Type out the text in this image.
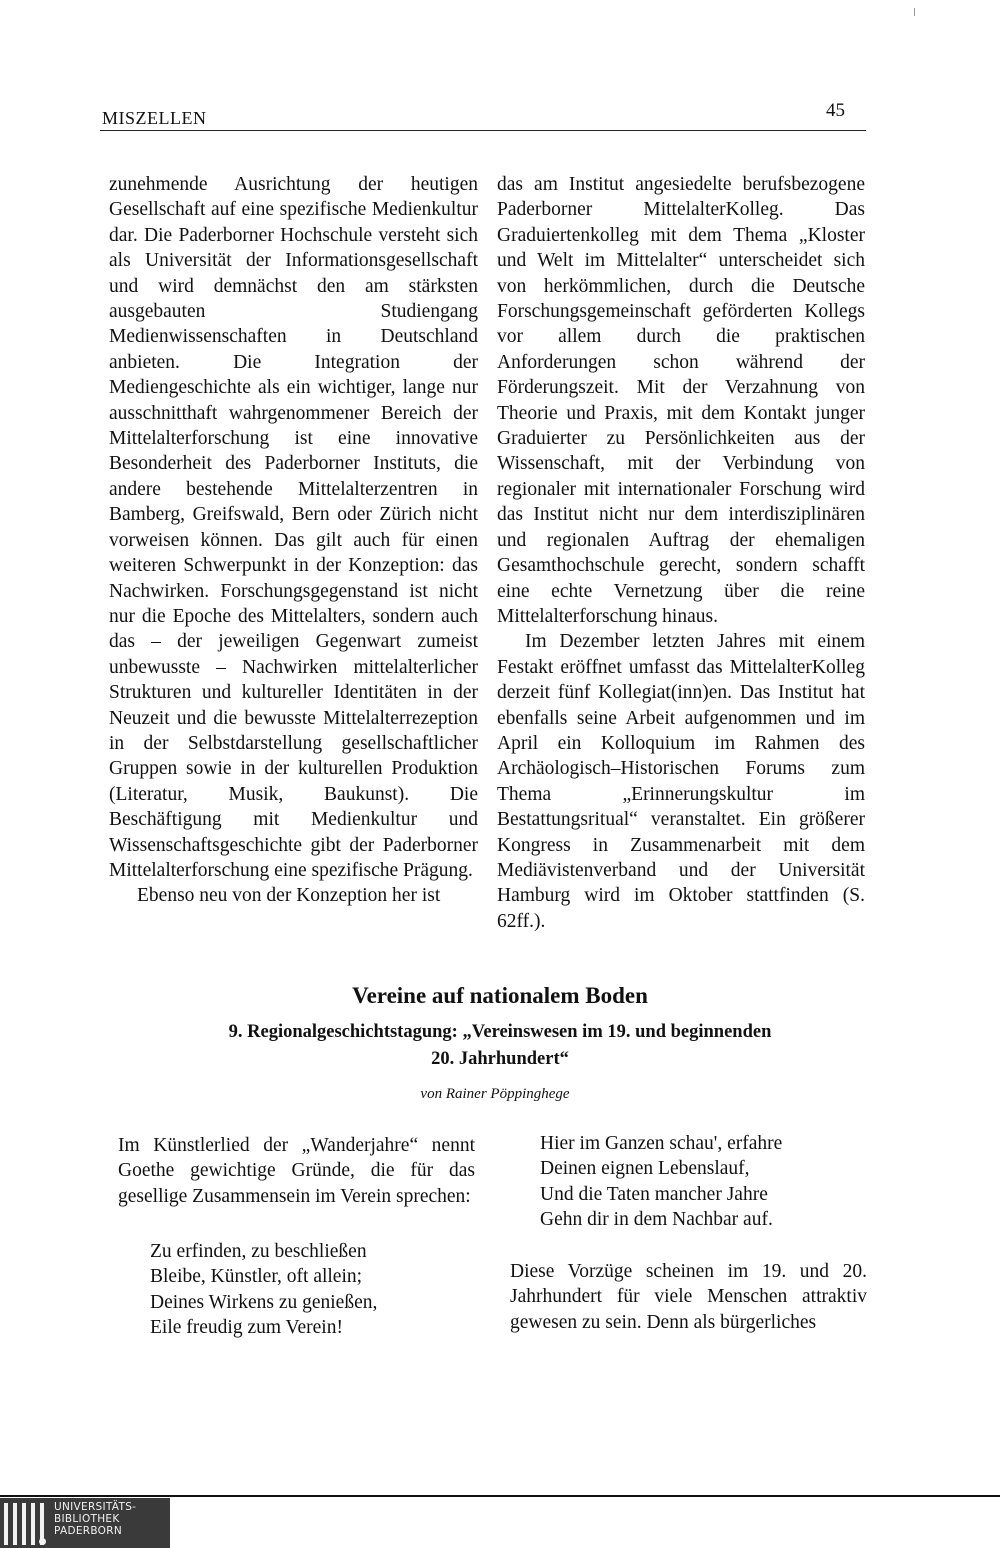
MISZELLEN	45

zunehmende Ausrichtung der heutigen Gesellschaft auf eine spezifische Medienkultur dar. Die Paderborner Hochschule versteht sich als Universität der Informationsgesellschaft und wird demnächst den am stärksten ausgebauten Studiengang Medienwissenschaften in Deutschland anbieten. Die Integration der Mediengeschichte als ein wichtiger, lange nur ausschnitthaft wahrgenommener Bereich der Mittelalterforschung ist eine innovative Besonderheit des Paderborner Instituts, die andere bestehende Mittelalterzentren in Bamberg, Greifswald, Bern oder Zürich nicht vorweisen können. Das gilt auch für einen weiteren Schwerpunkt in der Konzeption: das Nachwirken. Forschungsgegenstand ist nicht nur die Epoche des Mittelalters, sondern auch das – der jeweiligen Gegenwart zumeist unbewusste – Nachwirken mittelalterlicher Strukturen und kultureller Identitäten in der Neuzeit und die bewusste Mittelalterrezeption in der Selbstdarstellung gesellschaftlicher Gruppen sowie in der kulturellen Produktion (Literatur, Musik, Baukunst). Die Beschäftigung mit Medienkultur und Wissenschaftsgeschichte gibt der Paderborner Mittelalterforschung eine spezifische Prägung.

Ebenso neu von der Konzeption her ist

das am Institut angesiedelte berufsbezogene Paderborner MittelalterKolleg. Das Graduiertenkolleg mit dem Thema „Kloster und Welt im Mittelalter“ unterscheidet sich von herkömmlichen, durch die Deutsche Forschungsgemeinschaft geförderten Kollegs vor allem durch die praktischen Anforderungen schon während der Förderungszeit. Mit der Verzahnung von Theorie und Praxis, mit dem Kontakt junger Graduierter zu Persönlichkeiten aus der Wissenschaft, mit der Verbindung von regionaler mit internationaler Forschung wird das Institut nicht nur dem interdisziplinären und regionalen Auftrag der ehemaligen Gesamthochschule gerecht, sondern schafft eine echte Vernetzung über die reine Mittelalterforschung hinaus.

Im Dezember letzten Jahres mit einem Festakt eröffnet umfasst das MittelalterKolleg derzeit fünf Kollegiat(inn)en. Das Institut hat ebenfalls seine Arbeit aufgenommen und im April ein Kolloquium im Rahmen des Archäologisch–Historischen Forums zum Thema „Erinnerungskultur im Bestattungsritual“ veranstaltet. Ein größerer Kongress in Zusammenarbeit mit dem Mediävistenverband und der Universität Hamburg wird im Oktober stattfinden (S. 62ff.).

Vereine auf nationalem Boden
9. Regionalgeschichtstagung: „Vereinswesen im 19. und beginnenden
20. Jahrhundert“
von Rainer Pöppinghege
Im Künstlerlied der „Wanderjahre“ nennt Goethe gewichtige Gründe, die für das gesellige Zusammensein im Verein sprechen:
Zu erfinden, zu beschließen
Bleibe, Künstler, oft allein;
Deines Wirkens zu genießen,
Eile freudig zum Verein!
Hier im Ganzen schau', erfahre
Deinen eignen Lebenslauf,
Und die Taten mancher Jahre
Gehn dir in dem Nachbar auf.
Diese Vorzüge scheinen im 19. und 20. Jahrhundert für viele Menschen attraktiv gewesen zu sein. Denn als bürgerliches
UNIVERSITÄTS-
BIBLIOTHEK
PADERBORN
